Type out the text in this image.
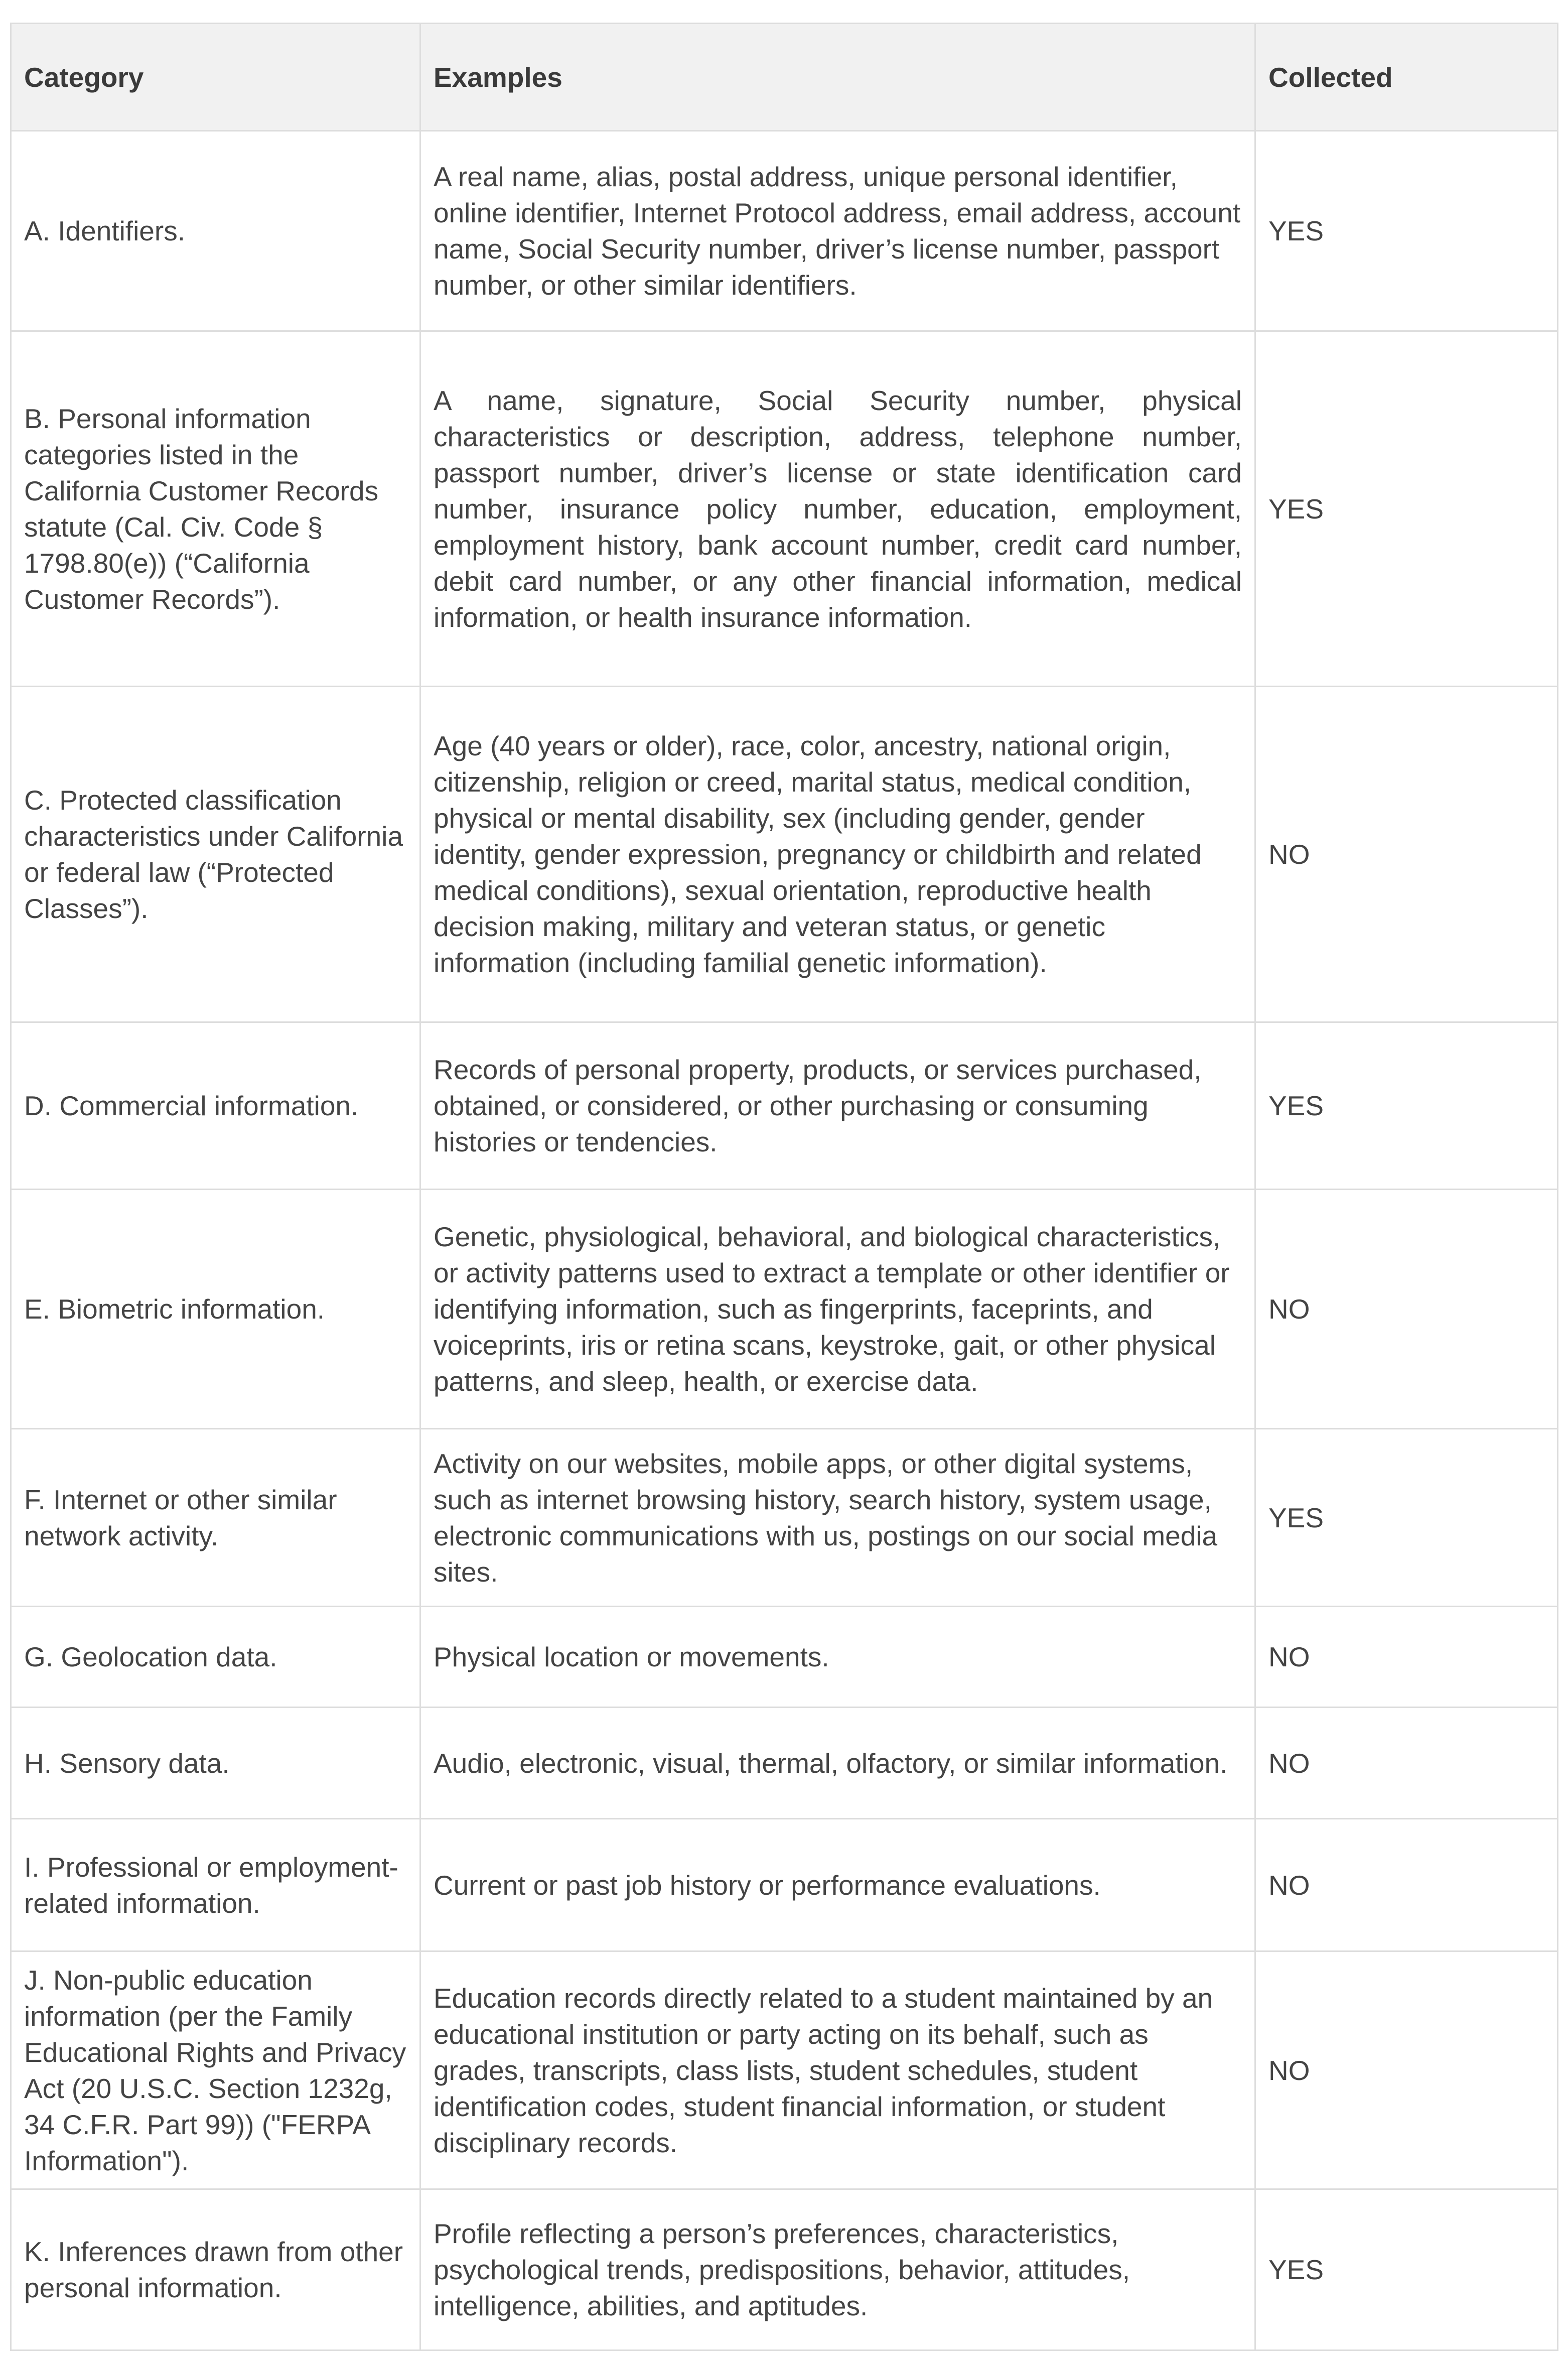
Category	Examples	Collected
A. Identifiers.	A real name, alias, postal address, unique personal identifier, online identifier, Internet Protocol address, email address, account name, Social Security number, driver’s license number, passport number, or other similar identifiers.	YES
B. Personal information categories listed in the California Customer Records statute (Cal. Civ. Code § 1798.80(e)) (“California Customer Records”).	A name, signature, Social Security number, physical characteristics or description, address, telephone number, passport number, driver’s license or state identification card number, insurance policy number, education, employment, employment history, bank account number, credit card number, debit card number, or any other financial information, medical information, or health insurance information.	YES
C. Protected classification characteristics under California or federal law (“Protected Classes”).	Age (40 years or older), race, color, ancestry, national origin, citizenship, religion or creed, marital status, medical condition, physical or mental disability, sex (including gender, gender identity, gender expression, pregnancy or childbirth and related medical conditions), sexual orientation, reproductive health decision making, military and veteran status, or genetic information (including familial genetic information).	NO
D. Commercial information.	Records of personal property, products, or services purchased, obtained, or considered, or other purchasing or consuming histories or tendencies.	YES
E. Biometric information.	Genetic, physiological, behavioral, and biological characteristics, or activity patterns used to extract a template or other identifier or identifying information, such as fingerprints, faceprints, and voiceprints, iris or retina scans, keystroke, gait, or other physical patterns, and sleep, health, or exercise data.	NO
F. Internet or other similar network activity.	Activity on our websites, mobile apps, or other digital systems, such as internet browsing history, search history, system usage, electronic communications with us, postings on our social media sites.	YES
G. Geolocation data.	Physical location or movements.	NO
H. Sensory data.	Audio, electronic, visual, thermal, olfactory, or similar information.	NO
I. Professional or employment-related information.	Current or past job history or performance evaluations.	NO
J. Non-public education information (per the Family Educational Rights and Privacy Act (20 U.S.C. Section 1232g, 34 C.F.R. Part 99)) ("FERPA Information").	Education records directly related to a student maintained by an educational institution or party acting on its behalf, such as grades, transcripts, class lists, student schedules, student identification codes, student financial information, or student disciplinary records.	NO
K. Inferences drawn from other personal information.	Profile reflecting a person’s preferences, characteristics, psychological trends, predispositions, behavior, attitudes, intelligence, abilities, and aptitudes.	YES
